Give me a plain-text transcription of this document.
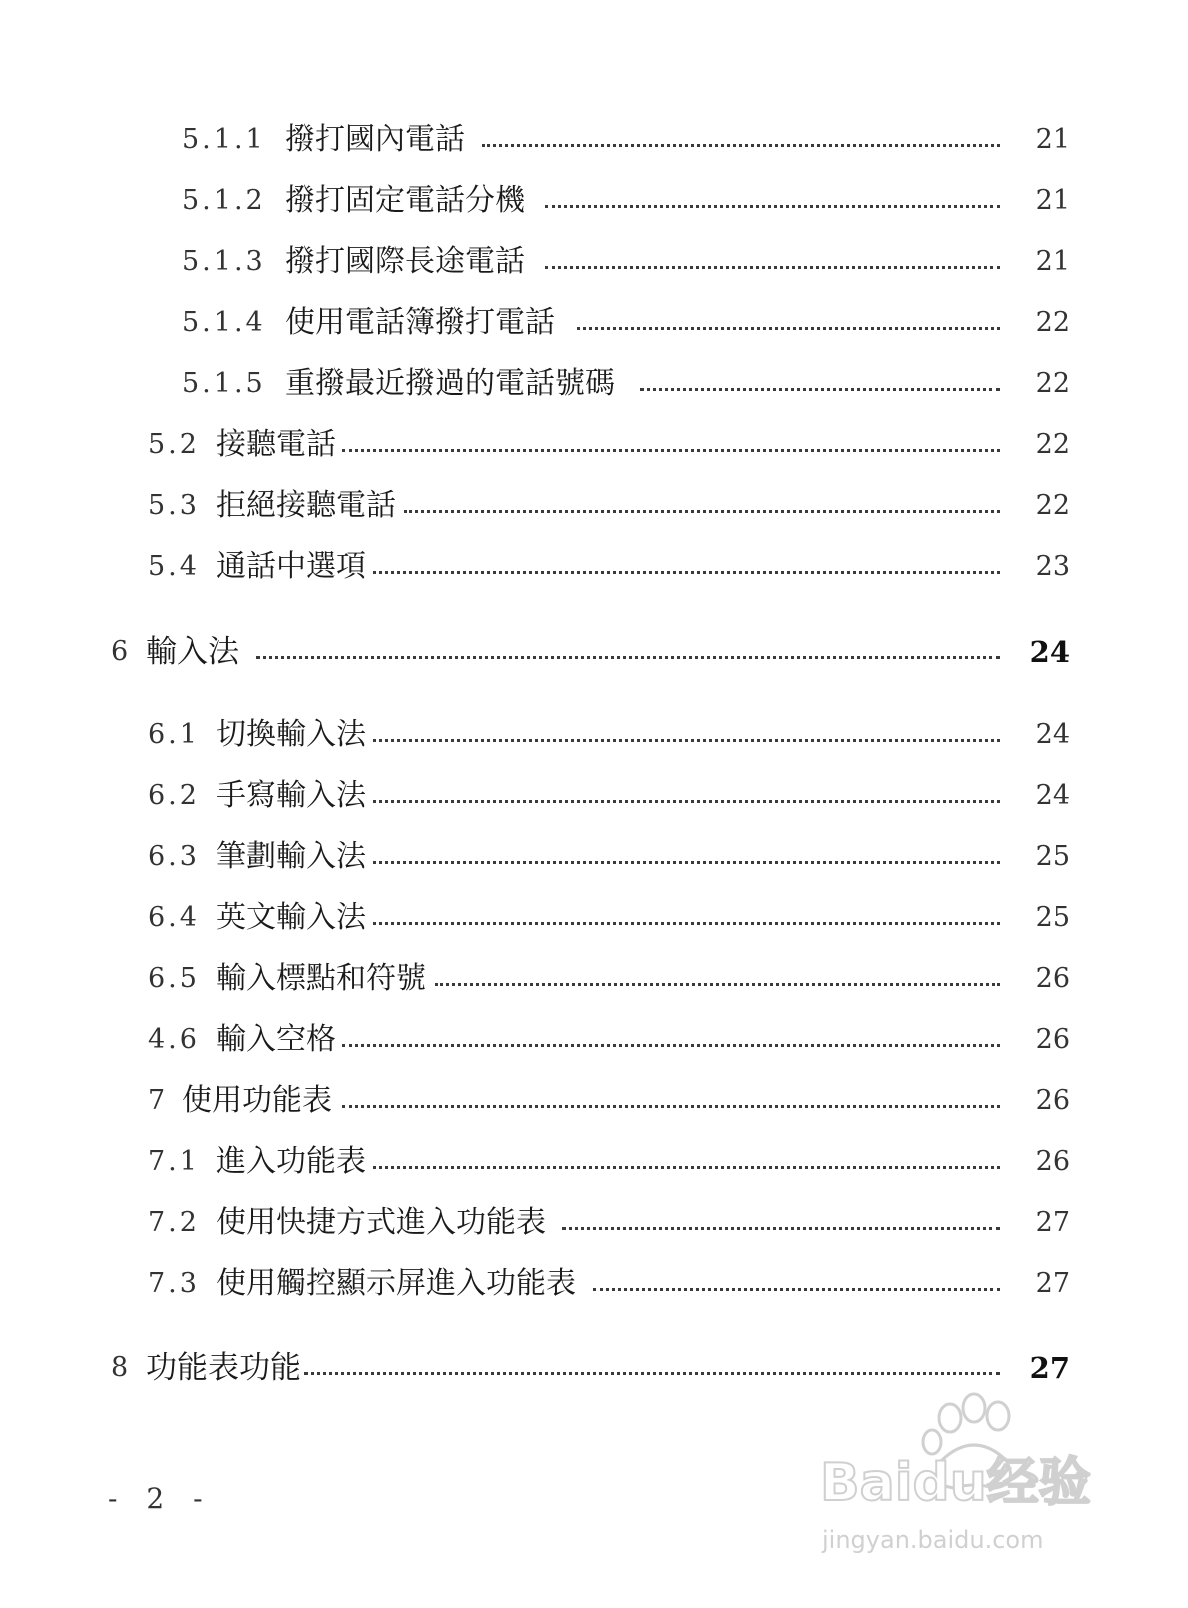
5.1.1 撥打國內電話	21
5.1.2 撥打固定電話分機	21
5.1.3 撥打國際長途電話	21
5.1.4 使用電話簿撥打電話	22
5.1.5 重撥最近撥過的電話號碼	22
5.2 接聽電話	22
5.3 拒絕接聽電話	22
5.4 通話中選項	23
6 輸入法	24
6.1 切換輸入法	24
6.2 手寫輸入法	24
6.3 筆劃輸入法	25
6.4 英文輸入法	25
6.5 輸入標點和符號	26
4.6 輸入空格	26
7 使用功能表	26
7.1 進入功能表	26
7.2 使用快捷方式進入功能表	27
7.3 使用觸控顯示屏進入功能表	27
8 功能表功能	27
- 2 -	Baidu经验
jingyan.baidu.com
